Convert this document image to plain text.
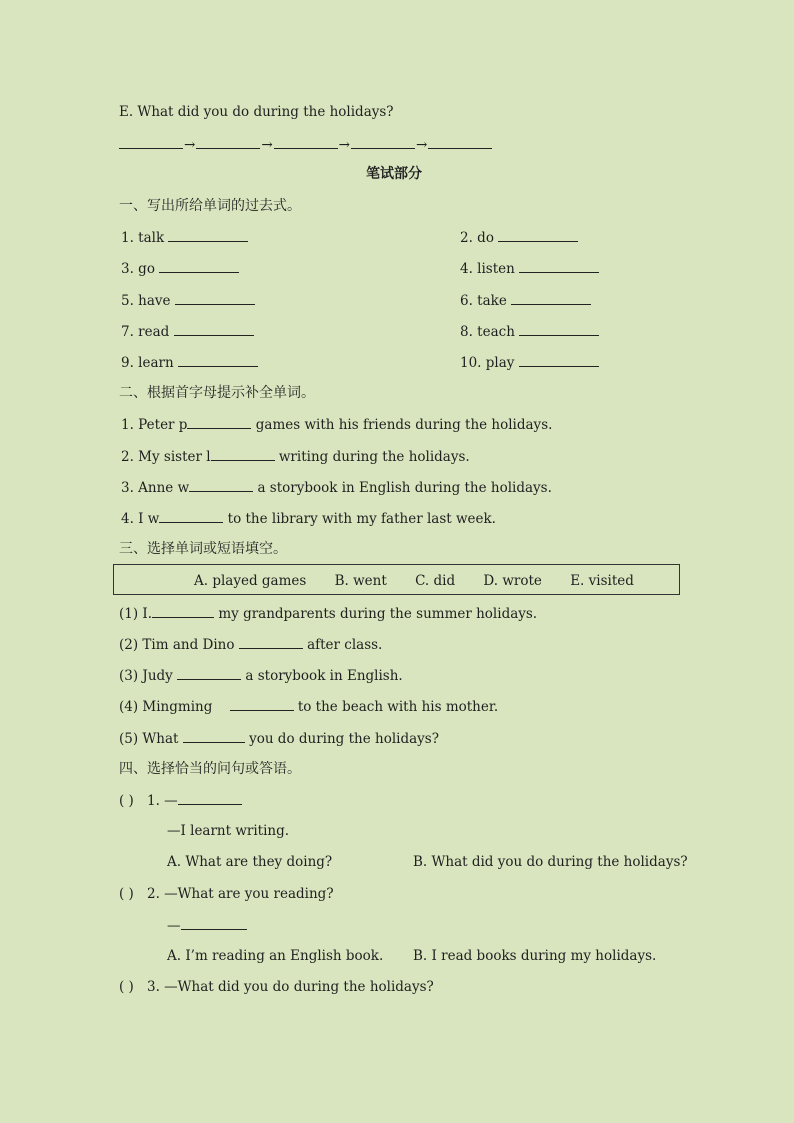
E. What did you do during the holidays?
→	→	→	→
笔试部分
一、写出所给单词的过去式。
1. talk	2. do
3. go	4. listen
5. have	6. take
7. read	8. teach
9. learn	10. play
二、根据首字母提示补全单词。
1. Peter p	games with his friends during the holidays.
2. My sister l	writing during the holidays.
3. Anne w	a storybook in English during the holidays.
4. I w	to the library with my father last week.
三、选择单词或短语填空。
A. played games B. went C. did D. wrote E. visited
(1) I.	my grandparents during the summer holidays.
(2) Tim and Dino	after class.
(3) Judy	a storybook in English.
(4) Mingming	to the beach with his mother.
(5) What	you do during the holidays?
四、选择恰当的问句或答语。
( ) 1. —
—I learnt writing.
A. What are they doing?	B. What did you do during the holidays?
( ) 2. —What are you reading?
—
A. I’m reading an English book. B. I read books during my holidays.
( ) 3. —What did you do during the holidays?
